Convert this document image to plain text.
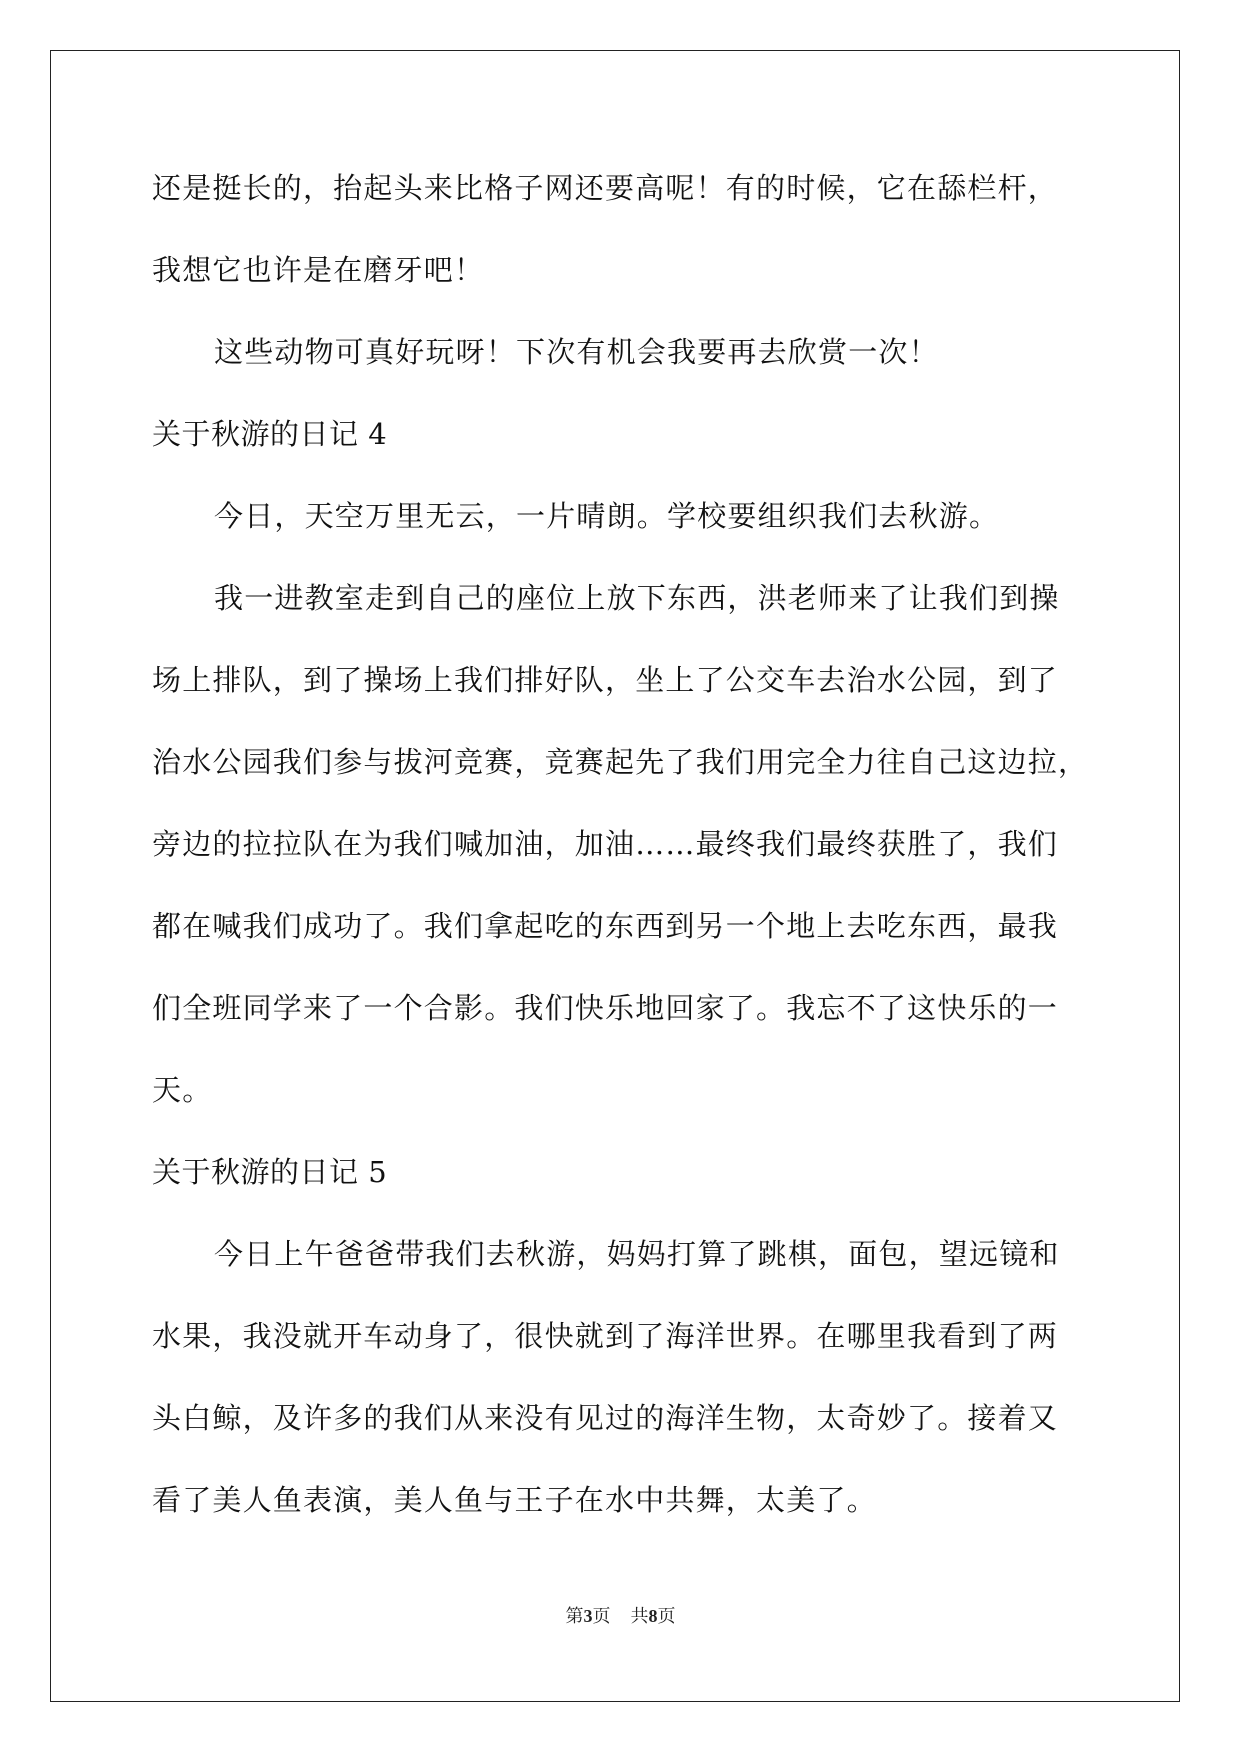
还是挺长的，抬起头来比格子网还要高呢！有的时候，它在舔栏杆，
我想它也许是在磨牙吧！
这些动物可真好玩呀！下次有机会我要再去欣赏一次！
关于秋游的日记 4
今日，天空万里无云，一片晴朗。学校要组织我们去秋游。
我一进教室走到自己的座位上放下东西，洪老师来了让我们到操
场上排队，到了操场上我们排好队，坐上了公交车去治水公园，到了
治水公园我们参与拔河竞赛，竞赛起先了我们用完全力往自己这边拉，
旁边的拉拉队在为我们喊加油，加油……最终我们最终获胜了，我们
都在喊我们成功了。我们拿起吃的东西到另一个地上去吃东西，最我
们全班同学来了一个合影。我们快乐地回家了。我忘不了这快乐的一
天。
关于秋游的日记 5
今日上午爸爸带我们去秋游，妈妈打算了跳棋，面包，望远镜和
水果，我没就开车动身了，很快就到了海洋世界。在哪里我看到了两
头白鲸，及许多的我们从来没有见过的海洋生物，太奇妙了。接着又
看了美人鱼表演，美人鱼与王子在水中共舞，太美了。
第3页 共8页
